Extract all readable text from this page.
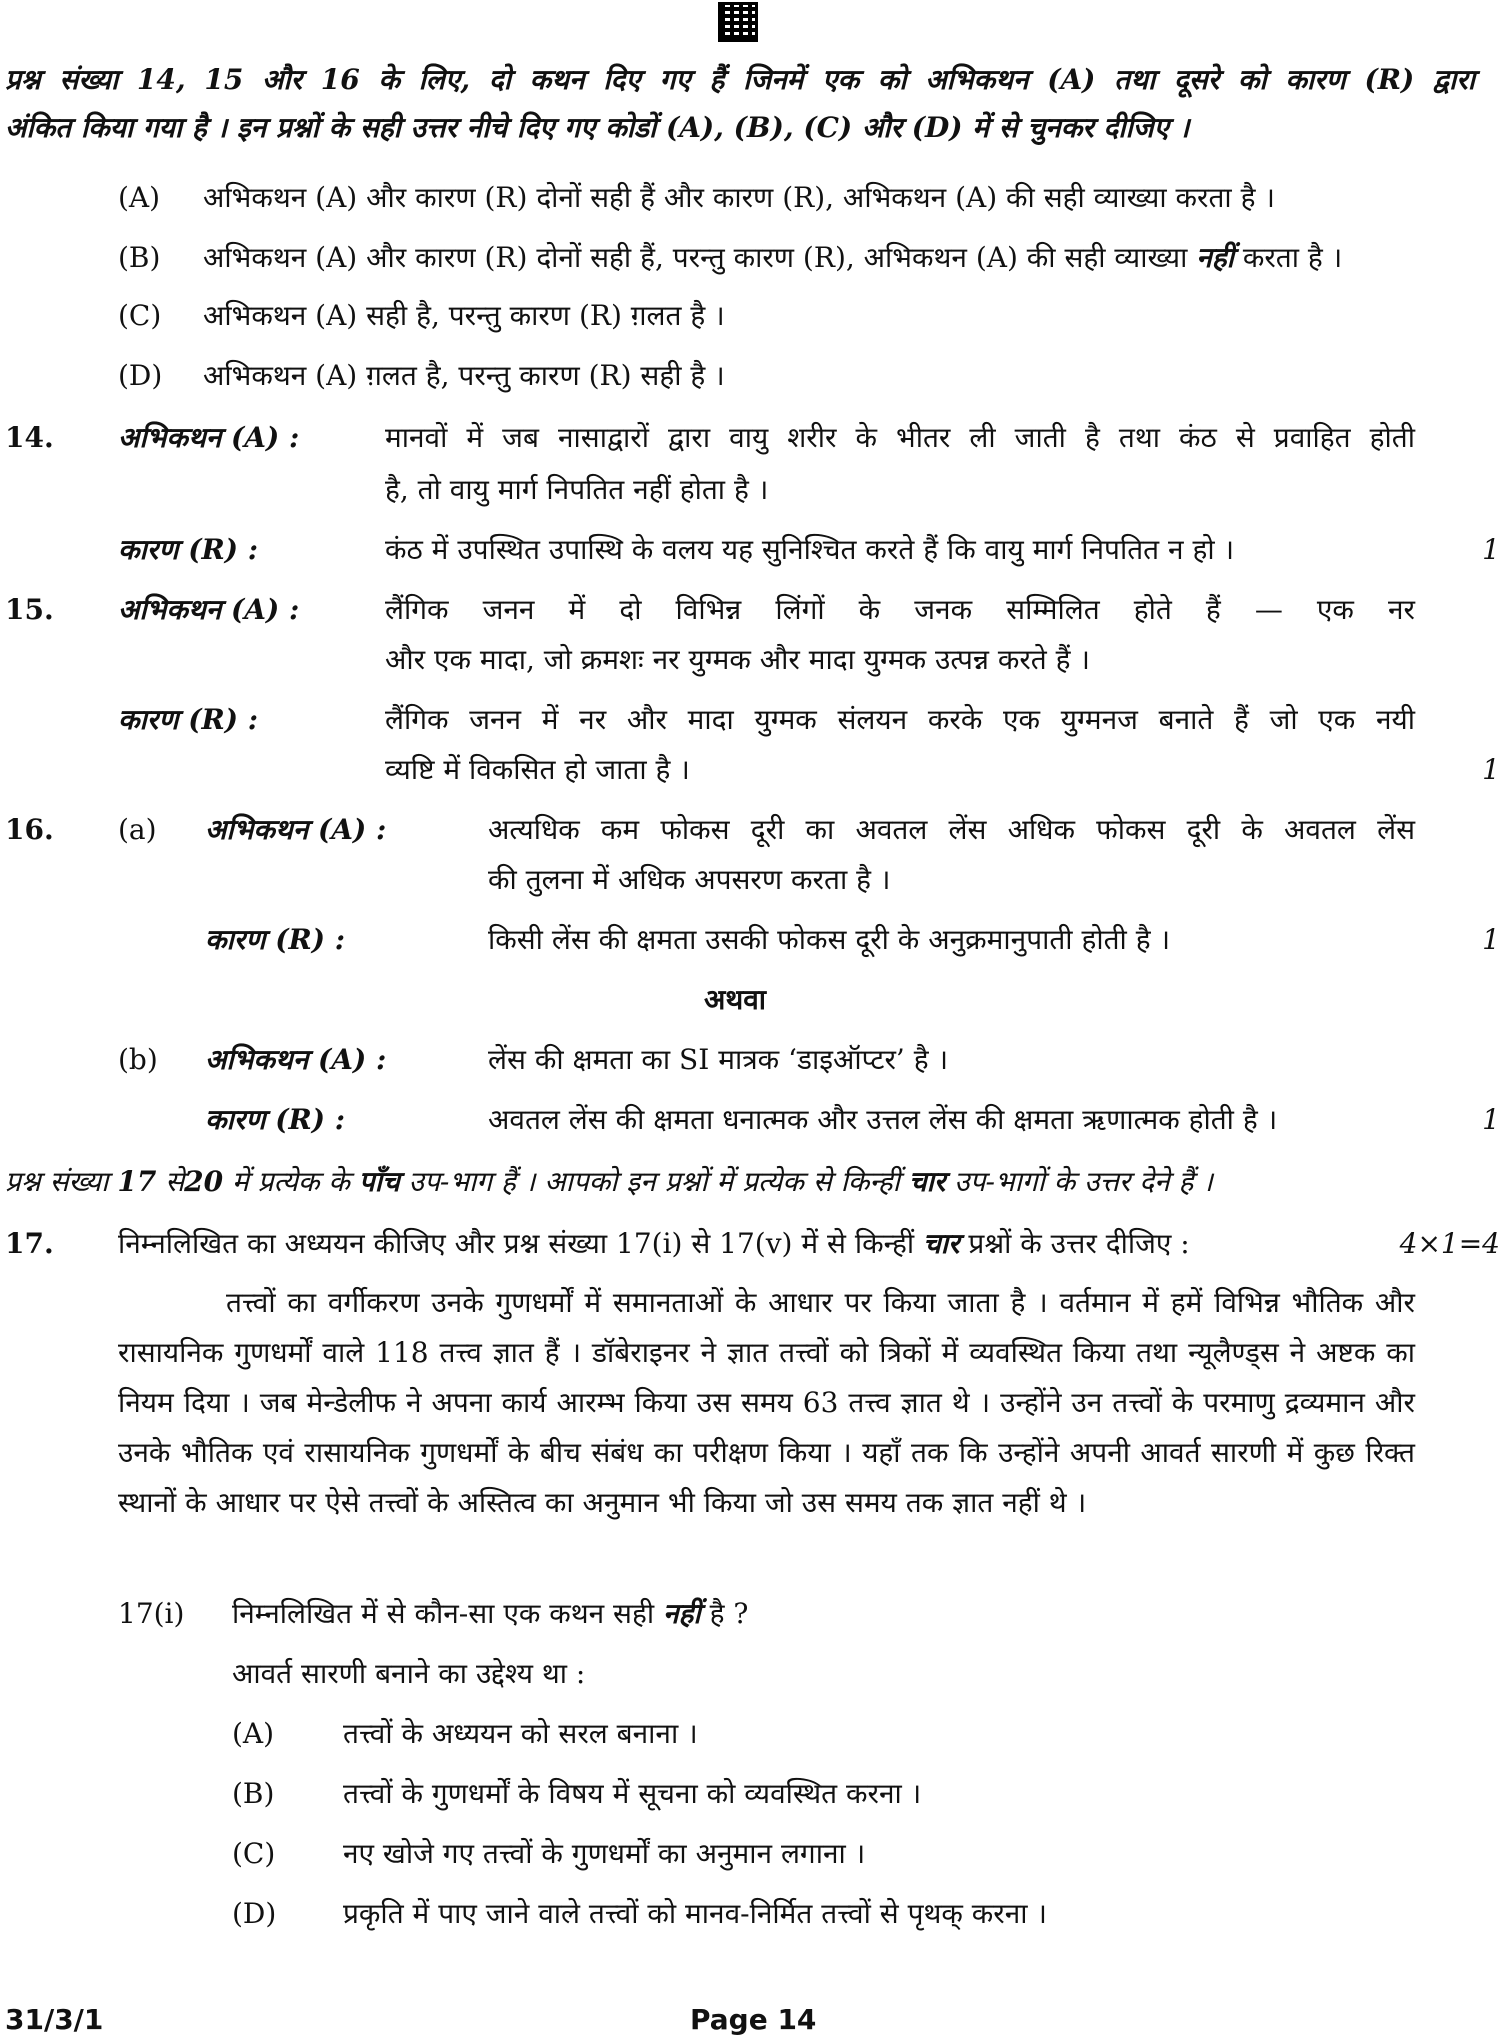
प्रश्न संख्या 14, 15 और 16 के लिए, दो कथन दिए गए हैं जिनमें एक को अभिकथन (A) तथा दूसरे को कारण (R) द्वारा
अंकित किया गया है । इन प्रश्नों के सही उत्तर नीचे दिए गए कोडों (A), (B), (C) और (D) में से चुनकर दीजिए ।
(A) अभिकथन (A) और कारण (R) दोनों सही हैं और कारण (R), अभिकथन (A) की सही व्याख्या करता है ।
(B) अभिकथन (A) और कारण (R) दोनों सही हैं, परन्तु कारण (R), अभिकथन (A) की सही व्याख्या नहीं करता है ।
(C) अभिकथन (A) सही है, परन्तु कारण (R) ग़लत है ।
(D) अभिकथन (A) ग़लत है, परन्तु कारण (R) सही है ।
14. अभिकथन (A) :	मानवों में जब नासाद्वारों द्वारा वायु शरीर के भीतर ली जाती है तथा कंठ से प्रवाहित होती
है, तो वायु मार्ग निपतित नहीं होता है ।
कारण (R) :	कंठ में उपस्थित उपास्थि के वलय यह सुनिश्चित करते हैं कि वायु मार्ग निपतित न हो ।	1
15. अभिकथन (A) :	लैंगिक जनन में दो विभिन्न लिंगों के जनक सम्मिलित होते हैं — एक नर
और एक मादा, जो क्रमशः नर युग्मक और मादा युग्मक उत्पन्न करते हैं ।
कारण (R) :	लैंगिक जनन में नर और मादा युग्मक संलयन करके एक युग्मनज बनाते हैं जो एक नयी
व्यष्टि में विकसित हो जाता है ।	1
16. (a) अभिकथन (A) :	अत्यधिक कम फोकस दूरी का अवतल लेंस अधिक फोकस दूरी के अवतल लेंस
की तुलना में अधिक अपसरण करता है ।
कारण (R) :	किसी लेंस की क्षमता उसकी फोकस दूरी के अनुक्रमानुपाती होती है ।	1
अथवा
(b) अभिकथन (A) :	लेंस की क्षमता का SI मात्रक ‘डाइऑप्टर’ है ।
कारण (R) :	अवतल लेंस की क्षमता धनात्मक और उत्तल लेंस की क्षमता ऋणात्मक होती है ।	1
प्रश्न संख्या 17 से20 में प्रत्येक के पाँच उप-भाग हैं । आपको इन प्रश्नों में प्रत्येक से किन्हीं चार उप-भागों के उत्तर देने हैं ।
17. निम्नलिखित का अध्ययन कीजिए और प्रश्न संख्या 17(i) से 17(v) में से किन्हीं चार प्रश्नों के उत्तर दीजिए :	4×1=4
तत्त्वों का वर्गीकरण उनके गुणधर्मों में समानताओं के आधार पर किया जाता है । वर्तमान में हमें विभिन्न भौतिक और रासायनिक गुणधर्मों वाले 118 तत्त्व ज्ञात हैं । डॉबेराइनर ने ज्ञात तत्त्वों को त्रिकों में व्यवस्थित किया तथा न्यूलैण्ड्स ने अष्टक का नियम दिया । जब मेन्डेलीफ ने अपना कार्य आरम्भ किया उस समय 63 तत्त्व ज्ञात थे । उन्होंने उन तत्त्वों के परमाणु द्रव्यमान और उनके भौतिक एवं रासायनिक गुणधर्मों के बीच संबंध का परीक्षण किया । यहाँ तक कि उन्होंने अपनी आवर्त सारणी में कुछ रिक्त स्थानों के आधार पर ऐसे तत्त्वों के अस्तित्व का अनुमान भी किया जो उस समय तक ज्ञात नहीं थे ।
17(i) निम्नलिखित में से कौन-सा एक कथन सही नहीं है ?
आवर्त सारणी बनाने का उद्देश्य था :
(A) तत्त्वों के अध्ययन को सरल बनाना ।
(B) तत्त्वों के गुणधर्मों के विषय में सूचना को व्यवस्थित करना ।
(C) नए खोजे गए तत्त्वों के गुणधर्मों का अनुमान लगाना ।
(D) प्रकृति में पाए जाने वाले तत्त्वों को मानव-निर्मित तत्त्वों से पृथक् करना ।
31/3/1	Page 14
